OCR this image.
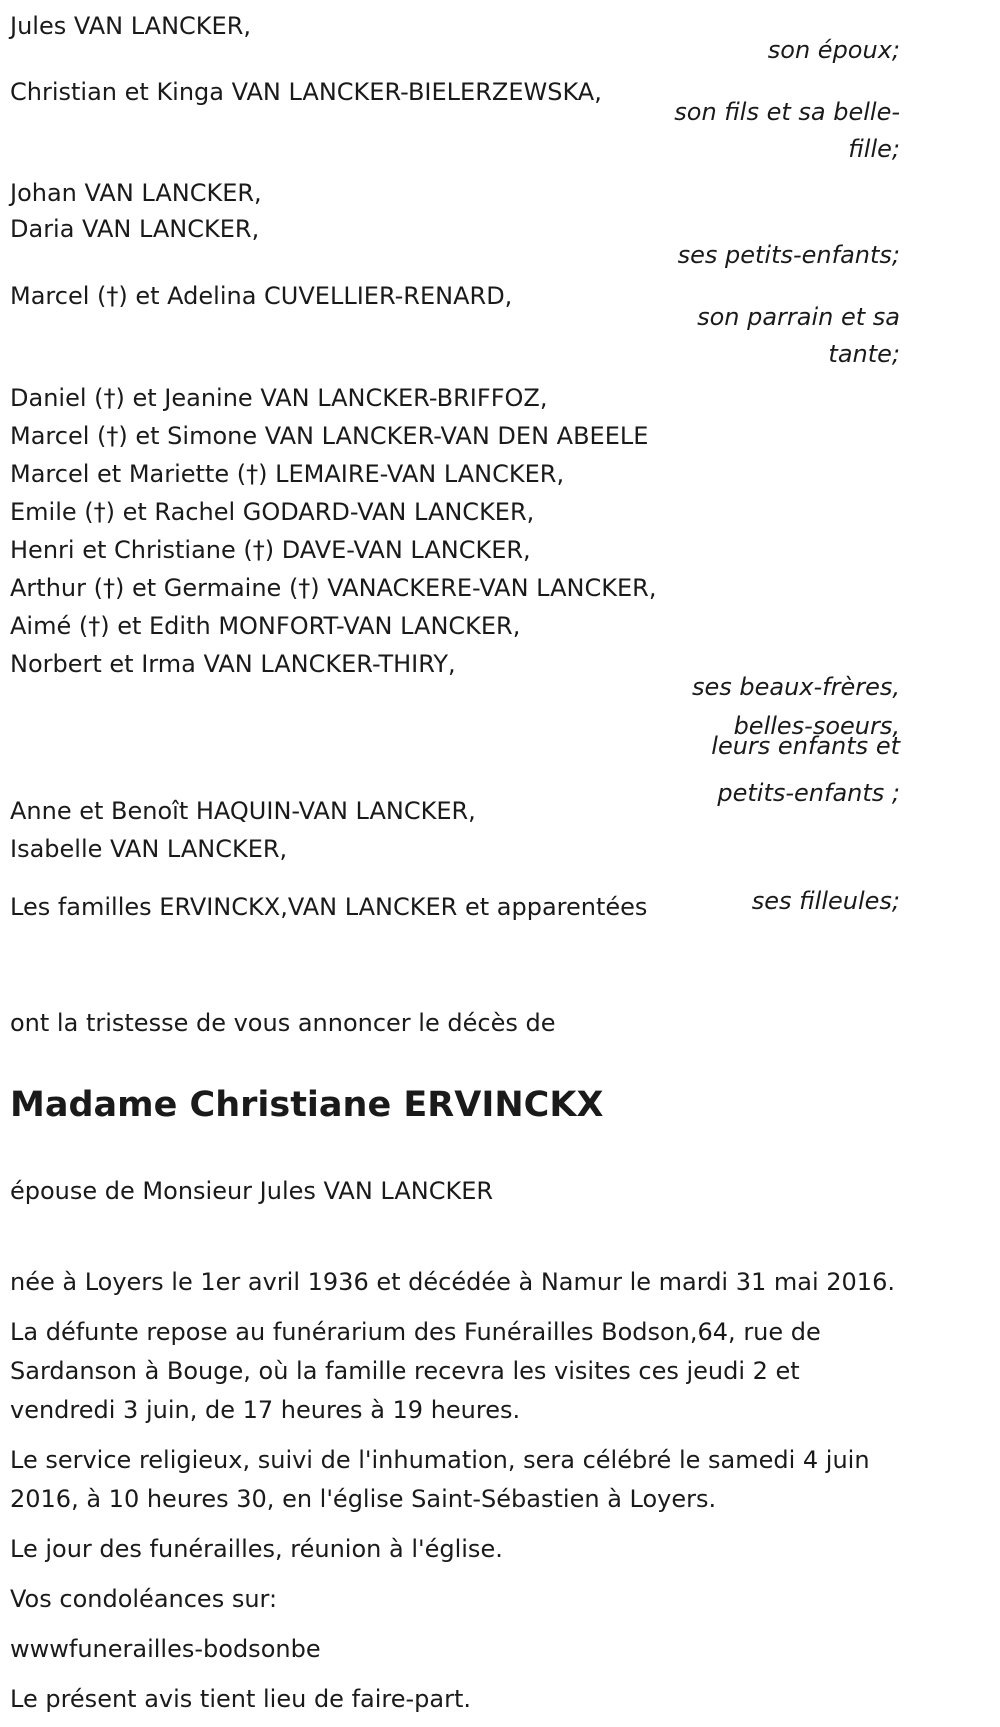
Jules VAN LANCKER,
Christian et Kinga VAN LANCKER-BIELERZEWSKA,
Johan VAN LANCKER,
Daria VAN LANCKER,
Marcel (†) et Adelina CUVELLIER-RENARD,
Daniel (†) et Jeanine VAN LANCKER-BRIFFOZ,
Marcel (†) et Simone VAN LANCKER-VAN DEN ABEELE
Marcel et Mariette (†) LEMAIRE-VAN LANCKER,
Emile (†) et Rachel GODARD-VAN LANCKER,
Henri et Christiane (†) DAVE-VAN LANCKER,
Arthur (†) et Germaine (†) VANACKERE-VAN LANCKER,
Aimé (†) et Edith MONFORT-VAN LANCKER,
Norbert et Irma VAN LANCKER-THIRY,
Anne et Benoît HAQUIN-VAN LANCKER,
Isabelle VAN LANCKER,
Les familles ERVINCKX,VAN LANCKER et apparentées
son époux;
son fils et sa belle-
fille;
ses petits-enfants;
son parrain et sa
tante;
ses beaux-frères,
belles-soeurs,
leurs enfants et
petits-enfants ;
ses filleules;
ont la tristesse de vous annoncer le décès de
Madame Christiane ERVINCKX
épouse de Monsieur Jules VAN LANCKER
née à Loyers le 1er avril 1936 et décédée à Namur le mardi 31 mai 2016.
La défunte repose au funérarium des Funérailles Bodson,64, rue de
Sardanson à Bouge, où la famille recevra les visites ces jeudi 2 et
vendredi 3 juin, de 17 heures à 19 heures.
Le service religieux, suivi de l'inhumation, sera célébré le samedi 4 juin
2016, à 10 heures 30, en l'église Saint-Sébastien à Loyers.
Le jour des funérailles, réunion à l'église.
Vos condoléances sur:
wwwfunerailles-bodsonbe
Le présent avis tient lieu de faire-part.
